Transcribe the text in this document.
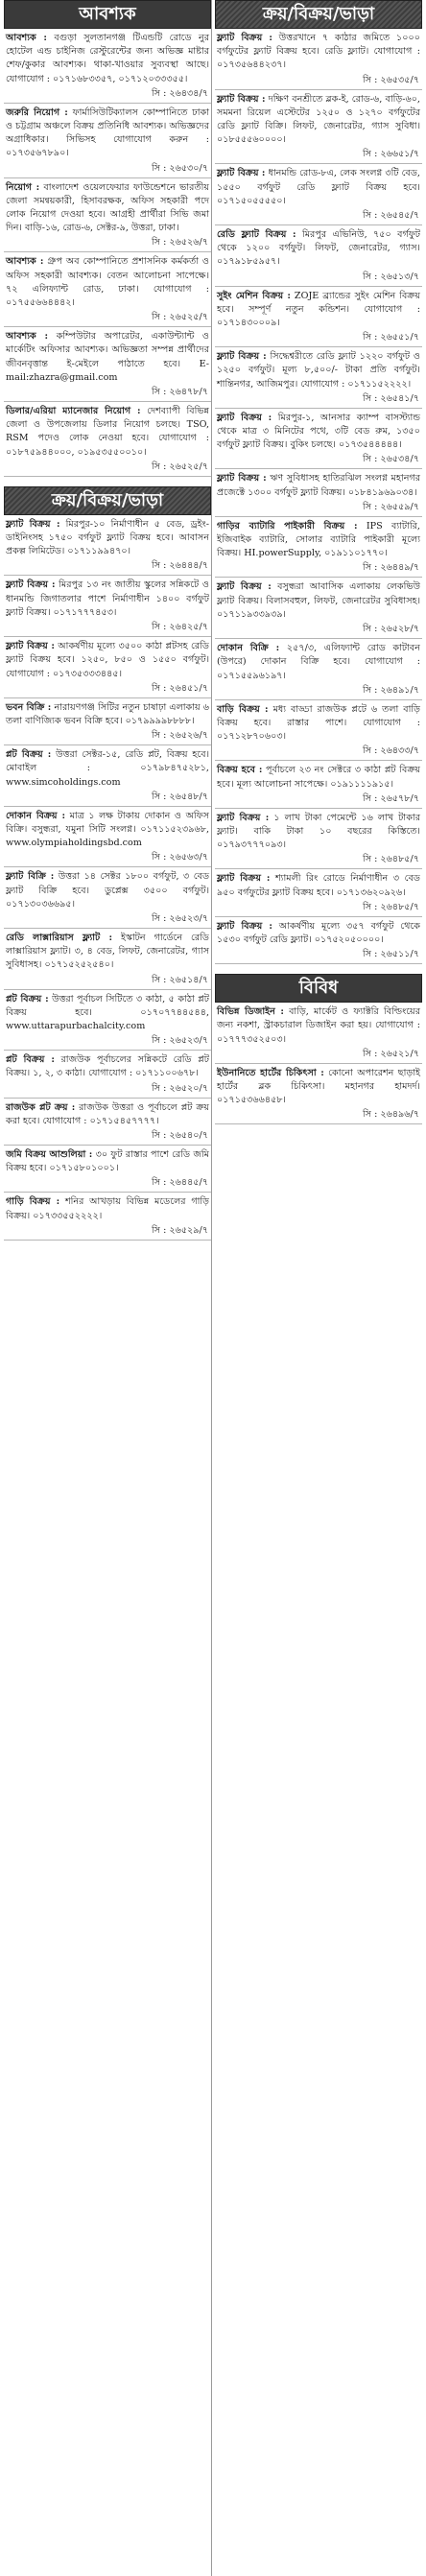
আবশ্যক
আবশ্যক : বগুড়া সুলতানগঞ্জ টিএন্ডটি রোডে নুর হোটেল এন্ড চাইনিজ রেস্টুরেন্টের জন্য অভিজ্ঞ মাষ্টার শেফ/কুকার আবশ্যক। থাকা-খাওয়ার সুব্যবস্থা আছে। যোগাযোগ : ০১৭১৬৮৩৩৫৭, ০১৭১২০৩৩৩৫৫।
সি : ২৬৪৩৪/৭
জরুরি নিয়োগ : ফার্মাসিউটিক্যালস কোম্পানিতে ঢাকা ও চট্টগ্রাম অঞ্চলে বিক্রয় প্রতিনিধি আবশ্যক। অভিজ্ঞদের অগ্রাধিকার। সিভিসহ যোগাযোগ করুন : ০১৭৩৫৬৭৮৯০।
সি : ২৬৫৩০/৭
নিয়োগ : বাংলাদেশ ওয়েলফেয়ার ফাউন্ডেশনে ভারতীয় জেলা সমন্বয়কারী, হিসাবরক্ষক, অফিস সহকারী পদে লোক নিয়োগ দেওয়া হবে। আগ্রহী প্রার্থীরা সিভি জমা দিন। বাড়ি-১৬, রোড-৬, সেক্টর-৯, উত্তরা, ঢাকা।
সি : ২৬৫২৬/৭
আবশ্যক : গ্রুপ অব কোম্পানিতে প্রশাসনিক কর্মকর্তা ও অফিস সহকারী আবশ্যক। বেতন আলোচনা সাপেক্ষে। ৭২ এলিফ্যান্ট রোড, ঢাকা। যোগাযোগ : ০১৭৫৫৬৬৪৪৪২।
সি : ২৬৫২৫/৭
আবশ্যক : কম্পিউটার অপারেটর, একাউন্ট্যান্ট ও মার্কেটিং অফিসার আবশ্যক। অভিজ্ঞতা সম্পন্ন প্রার্থীদের জীবনবৃত্তান্ত ই-মেইলে পাঠাতে হবে। E-mail:zhazra@gmail.com
সি : ২৬৪৭৮/৭
ডিলার/এরিয়া ম্যানেজার নিয়োগ : দেশব্যাপী বিভিন্ন জেলা ও উপজেলায় ডিলার নিয়োগ চলছে। TSO, RSM পদেও লোক নেওয়া হবে। যোগাযোগ : ০১৮৭৫৯৪৪০০০, ০১৯৫৩৫৫০০১০।
সি : ২৬৫২৫/৭
ক্রয়/বিক্রয়/ভাড়া
ফ্ল্যাট বিক্রয় : মিরপুর-১০ নির্মাণাধীন ৫ বেড, ড্রইং-ডাইনিংসহ ১৭৫০ বর্গফুট ফ্ল্যাট বিক্রয় হবে। আবাসন প্রকল্প লিমিটেড। ০১৭১১৯৯৪৭০।
সি : ২৬৪৪৪/৭
ফ্ল্যাট বিক্রয় : মিরপুর ১৩ নং জাতীয় স্কুলের সন্নিকটে ও ধানমন্ডি জিগাতলার পাশে নির্মাণাধীন ১৪০০ বর্গফুট ফ্ল্যাট বিক্রয়। ০১৭১৭৭৭৪৫৩।
সি : ২৬৪২৫/৭
ফ্ল্যাট বিক্রয় : আকর্ষণীয় মূল্যে ৩৫০০ কাঠা প্লটসহ রেডি ফ্ল্যাট বিক্রয় হবে। ১২৫০, ৮৫০ ও ১৫৫০ বর্গফুট। যোগাযোগ : ০১৭৩৫৩৩৩৪৪৫।
সি : ২৬৪৫১/৭
ভবন বিক্রি : নারায়ণগঞ্জ সিটির নতুন চাষাঢ়া এলাকায় ৬ তলা বাণিজ্যিক ভবন বিক্রি হবে। ০১৭৯৯৯৯৮৮৮৮।
সি : ২৬৫২৬/৭
প্লট বিক্রয় : উত্তরা সেক্টর-১৫, রেডি প্লট, বিক্রয় হবে। মোবাইল : ০১৭৯৮৪৭৫২৮১, www.simcoholdings.com
সি : ২৬৫৪৮/৭
দোকান বিক্রয় : মাত্র ১ লক্ষ টাকায় দোকান ও অফিস বিক্রি। বসুন্ধরা, যমুনা সিটি সংলগ্ন। ০১৭১১৫২৩৯৬৮, www.olympiaholdingsbd.com
সি : ২৬৫৬৩/৭
ফ্ল্যাট বিক্রি : উত্তরা ১৪ সেক্টর ১৮০০ বর্গফুট, ৩ বেড ফ্ল্যাট বিক্রি হবে। ডুপ্লেক্স ৩৫০০ বর্গফুট। ০১৭১৩০৩৬৬৯৫।
সি : ২৬৫২৩/৭
রেডি লাক্সারিয়াস ফ্ল্যাট : ইস্কাটন গার্ডেনে রেডি লাক্সারিয়াস ফ্ল্যাট। ৩, ৪ বেড, লিফট, জেনারেটর, গ্যাস সুবিধাসহ। ০১৭১৫২৫২৫৪০।
সি : ২৬৫১৪/৭
প্লট বিক্রয় : উত্তরা পূর্বাচল সিটিতে ৩ কাঠা, ৫ কাঠা প্লট বিক্রয় হবে। ০১৭০৭৭৪৪৫৪৪, www.uttarapurbachalcity.com
সি : ২৬৫২৩/৭
প্লট বিক্রয় : রাজউক পূর্বাচলের সন্নিকটে রেডি প্লট বিক্রয়। ১, ২, ৩ কাঠা। যোগাযোগ : ০১৭১১০০৬৭৮।
সি : ২৬৫২০/৭
রাজউক প্লট ক্রয় : রাজউক উত্তরা ও পূর্বাচলে প্লট ক্রয় করা হবে। যোগাযোগ : ০১৭১৫৪৫৭৭৭৭।
সি : ২৬৫৪০/৭
জমি বিক্রয় আশুলিয়া : ৩০ ফুট রাস্তার পাশে রেডি জমি বিক্রয় হবে। ০১৭১৫৮০১০০১।
সি : ২৬৪৪৫/৭
গাড়ি বিক্রয় : শনির আখড়ায় বিভিন্ন মডেলের গাড়ি বিক্রয়। ০১৭৩৩৫৫২২২২।
সি : ২৬৫২৯/৭
ক্রয়/বিক্রয়/ভাড়া
ফ্ল্যাট বিক্রয় : উত্তরখানে ৭ কাঠার জমিতে ১০০০ বর্গফুটের ফ্ল্যাট বিক্রয় হবে। রেডি ফ্ল্যাট। যোগাযোগ : ০১৭৩৫৬৪৪২৩৭।
সি : ২৬৫৩৫/৭
ফ্ল্যাট বিক্রয় : দক্ষিণ বনশ্রীতে ব্লক-ই, রোড-৬, বাড়ি-৬০, সমমনা রিয়েল এস্টেটের ১২৫০ ও ১২৭০ বর্গফুটের রেডি ফ্ল্যাট বিক্রি। লিফট, জেনারেটর, গ্যাস সুবিধা। ০১৮৫৫৫৬০০০০।
সি : ২৬৬৫১/৭
ফ্ল্যাট বিক্রয় : ধানমন্ডি রোড-৮এ, লেক সংলগ্ন ৩টি বেড, ১৫৫০ বর্গফুট রেডি ফ্ল্যাট বিক্রয় হবে। ০১৭১৫০৫৫৫৫০।
সি : ২৬৫৪৫/৭
রেডি ফ্ল্যাট বিক্রয় : মিরপুর এভিনিউ, ৭৫০ বর্গফুট থেকে ১২০০ বর্গফুট। লিফট, জেনারেটর, গ্যাস। ০১৭৯১৮৫৯৫৭।
সি : ২৬৫১৩/৭
সুইং মেশিন বিক্রয় : ZOJE ব্র্যান্ডের সুইং মেশিন বিক্রয় হবে। সম্পূর্ণ নতুন কন্ডিশন। যোগাযোগ : ০১৭১৪৩০০০৯।
সি : ২৬৫৫১/৭
ফ্ল্যাট বিক্রয় : সিদ্ধেশ্বরীতে রেডি ফ্ল্যাট ১২২০ বর্গফুট ও ১২৫০ বর্গফুট। মূল্য ৮,৫০০/- টাকা প্রতি বর্গফুট। শান্তিনগর, আজিমপুর। যোগাযোগ : ০১৭১১৫২২২২।
সি : ২৬৫৪১/৭
ফ্ল্যাট বিক্রয় : মিরপুর-১, আনসার ক্যাম্প বাসস্ট্যান্ড থেকে মাত্র ৩ মিনিটের পথে, ৩টি বেড রুম, ১৩৫০ বর্গফুট ফ্ল্যাট বিক্রয়। বুকিং চলছে। ০১৭৩৫৪৪৪৪৪।
সি : ২৬৫৩৪/৭
ফ্ল্যাট বিক্রয় : ঋণ সুবিধাসহ হাতিরঝিল সংলগ্ন মহানগর প্রজেক্টে ১৩০০ বর্গফুট ফ্ল্যাট বিক্রয়। ০১৮৪১৯৬৯০৩৪।
সি : ২৬৫৫৯/৭
গাড়ির ব্যাটারি পাইকারী বিক্রয় : IPS ব্যাটারি, ইজিবাইক ব্যাটারি, সোলার ব্যাটারি পাইকারী মূল্যে বিক্রয়। HI.powerSupply, ০১৯১১০১৭৭০।
সি : ২৬৪৪৯/৭
ফ্ল্যাট বিক্রয় : বসুন্ধরা আবাসিক এলাকায় লেকভিউ ফ্ল্যাট বিক্রয়। বিলাসবহুল, লিফট, জেনারেটর সুবিধাসহ। ০১৭১১৯৩৩৯৩৯।
সি : ২৬৫২৮/৭
দোকান বিক্রি : ২৫৭/৩, এলিফ্যান্ট রোড কাটাবন (উপরে) দোকান বিক্রি হবে। যোগাযোগ : ০১৭১৫৫৯৬১৯৭।
সি : ২৬৪৯১/৭
বাড়ি বিক্রয় : মধ্য বাড্ডা রাজউক প্লটে ৬ তলা বাড়ি বিক্রয় হবে। রাস্তার পাশে। যোগাযোগ : ০১৭১২৮৭০৬০৩।
সি : ২৬৪৩৩/৭
বিক্রয় হবে : পূর্বাচলে ২৩ নং সেক্টরে ৩ কাঠা প্লট বিক্রয় হবে। মূল্য আলোচনা সাপেক্ষে। ০১৯১১১১৯১৫।
সি : ২৬৫৭৮/৭
ফ্ল্যাট বিক্রয় : ১ লাখ টাকা পেমেন্টে ১৬ লাখ টাকার ফ্ল্যাট। বাকি টাকা ১০ বছরের কিস্তিতে। ০১৭৯৩৭৭৭০৯৩।
সি : ২৬৪৮৫/৭
ফ্ল্যাট বিক্রয় : শ্যামলী রিং রোডে নির্মাণাধীন ৩ বেড ৯৫০ বর্গফুটের ফ্ল্যাট বিক্রয় হবে। ০১৭১৩৬২০৯২৬।
সি : ২৬৪৮৫/৭
ফ্ল্যাট বিক্রয় : আকর্ষণীয় মূল্যে ৩৫৭ বর্গফুট থেকে ১৫৩০ বর্গফুট রেডি ফ্ল্যাট। ০১৭৫২০৫০০০০।
সি : ২৬৫১১/৭
বিবিধ
বিভিন্ন ডিজাইন : বাড়ি, মার্কেট ও ফ্যাক্টরি বিল্ডিংয়ের জন্য নকশা, স্ট্রাকচারাল ডিজাইন করা হয়। যোগাযোগ : ০১৭৭৭৩৫২৫০৩।
সি : ২৬৫২১/৭
ইউনানিতে হার্টের চিকিৎসা : কোনো অপারেশন ছাড়াই হার্টের ব্লক চিকিৎসা। মহানগর হামদর্দ। ০১৭১৫৩৬৬৪৫৮।
সি : ২৬৪৯৬/৭
